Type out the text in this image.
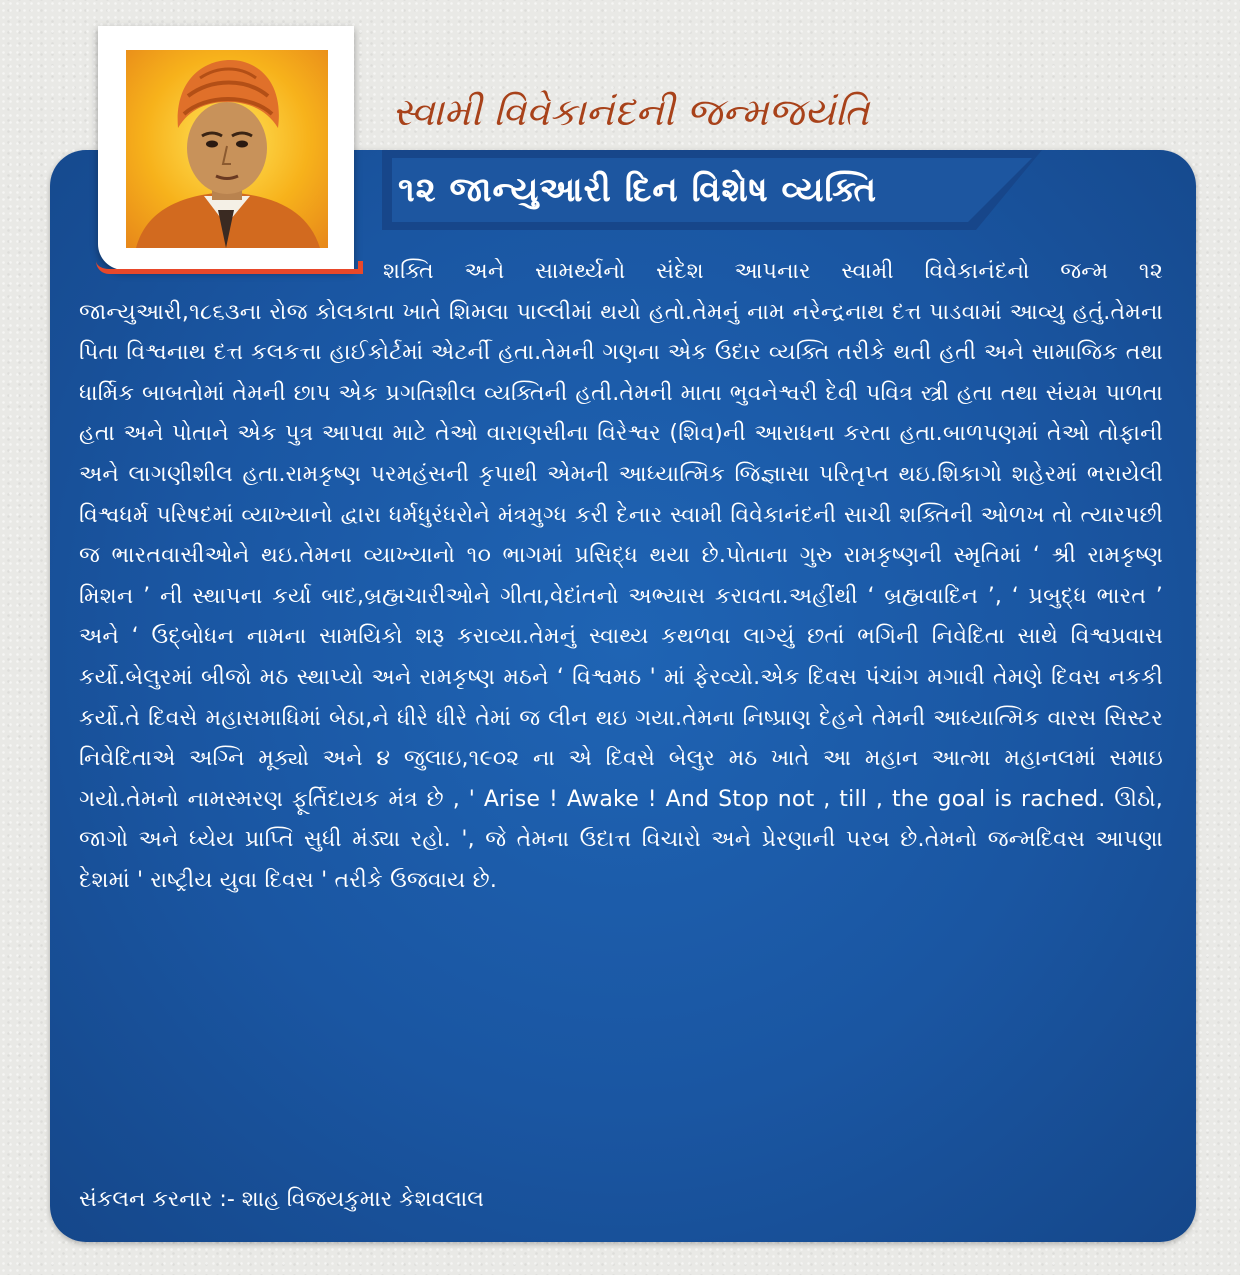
સ્વામી વિવેકાનંદની જન્મજયંતિ
૧૨ જાન્યુઆરી દિન વિશેષ વ્યક્તિ

શક્તિ અને સામર્થ્યનો સંદેશ આપનાર સ્વામી વિવેકાનંદનો જન્મ ૧૨ જાન્યુઆરી,૧૮૬૩ના રોજ કોલકાતા ખાતે શિમલા પાલ્લીમાં થયો હતો.તેમનું નામ નરેન્દ્રનાથ દત્ત પાડવામાં આવ્યુ હતું.તેમના પિતા વિશ્વનાથ દત્ત કલકત્તા હાઈકોર્ટમાં એટર્ની હતા.તેમની ગણના એક ઉદાર વ્યક્તિ તરીકે થતી હતી અને સામાજિક તથા ધાર્મિક બાબતોમાં તેમની છાપ એક પ્રગતિશીલ વ્યક્તિની હતી.તેમની માતા ભુવનેશ્વરી દેવી પવિત્ર સ્ત્રી હતા તથા સંયમ પાળતા હતા અને પોતાને એક પુત્ર આપવા માટે તેઓ વારાણસીના વિરેશ્વર (શિવ)ની આરાધના કરતા હતા.બાળપણમાં તેઓ તોફાની અને લાગણીશીલ હતા.રામકૃષ્ણ પરમહંસની કૃપાથી એમની આધ્યાત્મિક જિજ્ઞાસા પરિતૃપ્ત થઇ.શિકાગો શહેરમાં ભરાયેલી વિશ્વધર્મ પરિષદમાં વ્યાખ્યાનો દ્વારા ધર્મધુરંધરોને મંત્રમુગ્ધ કરી દેનાર સ્વામી વિવેકાનંદની સાચી શક્તિની ઓળખ તો ત્યારપછી જ ભારતવાસીઓને થઇ.તેમના વ્યાખ્યાનો ૧૦ ભાગમાં પ્રસિદ્ધ થયા છે.પોતાના ગુરુ રામકૃષ્ણની સ્મૃતિમાં ‘ શ્રી રામકૃષ્ણ મિશન ’ ની સ્થાપના કર્યા બાદ,બ્રહ્મચારીઓને ગીતા,વેદાંતનો અભ્યાસ કરાવતા.અહીંથી ‘ બ્રહ્મવાદિન ’, ‘ પ્રબુદ્ધ ભારત ’ અને ‘ ઉદ્બોધન નામના સામયિકો શરૂ કરાવ્યા.તેમનું સ્વાથ્ય કથળવા લાગ્યું છતાં ભગિની નિવેદિતા સાથે વિશ્વપ્રવાસ કર્યો.બેલુરમાં બીજો મઠ સ્થાપ્યો અને રામકૃષ્ણ મઠને ‘ વિશ્વમઠ ' માં ફેરવ્યો.એક દિવસ પંચાંગ મગાવી તેમણે દિવસ નકકી કર્યો.તે દિવસે મહાસમાધિમાં બેઠા,ને ધીરે ધીરે તેમાં જ લીન થઇ ગયા.તેમના નિષ્પ્રાણ દેહને તેમની આધ્યાત્મિક વારસ સિસ્ટર નિવેદિતાએ અગ્નિ મૂક્યો અને ૪ જુલાઇ,૧૯૦૨ ના એ દિવસે બેલુર મઠ ખાતે આ મહાન આત્મા મહાનલમાં સમાઇ ગયો.તેમનો નામસ્મરણ ફૂર્તિદાયક મંત્ર છે , ' Arise ! Awake ! And Stop not , till , the goal is rached. ઊઠો, જાગો અને ધ્યેય પ્રાપ્તિ સુધી મંડ્યા રહો. ', જે તેમના ઉદાત્ત વિચારો અને પ્રેરણાની પરબ છે.તેમનો જન્મદિવસ આપણા દેશમાં ' રાષ્ટ્રીય યુવા દિવસ ' તરીકે ઉજવાય છે.

સંકલન કરનાર :- શાહ વિજયકુમાર કેશવલાલ
